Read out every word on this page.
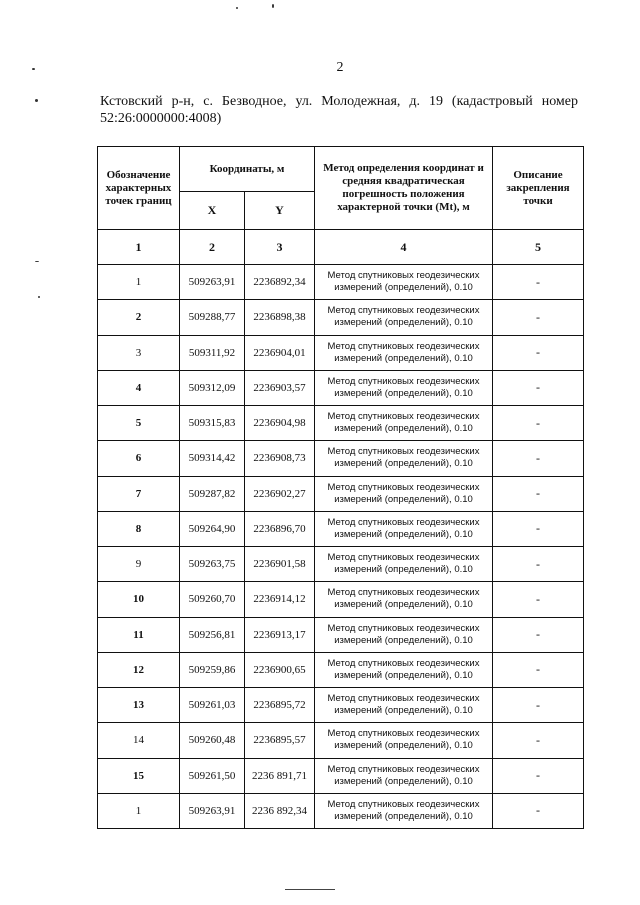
2
Кстовский р-н, с. Безводное, ул. Молодежная, д. 19 (кадастровый номер 52:26:0000000:4008)
Обозначение характерных точек границ	Координаты, м		Метод определения координат и средняя квадратическая погрешность положения характерной точки (Mt), м	Описание закрепления точки
	X	Y		
1	2	3	4	5
1	509263,91	2236892,34	Метод спутниковых геодезических измерений (определений), 0.10	-
2	509288,77	2236898,38	Метод спутниковых геодезических измерений (определений), 0.10	-
3	509311,92	2236904,01	Метод спутниковых геодезических измерений (определений), 0.10	-
4	509312,09	2236903,57	Метод спутниковых геодезических измерений (определений), 0.10	-
5	509315,83	2236904,98	Метод спутниковых геодезических измерений (определений), 0.10	-
6	509314,42	2236908,73	Метод спутниковых геодезических измерений (определений), 0.10	-
7	509287,82	2236902,27	Метод спутниковых геодезических измерений (определений), 0.10	-
8	509264,90	2236896,70	Метод спутниковых геодезических измерений (определений), 0.10	-
9	509263,75	2236901,58	Метод спутниковых геодезических измерений (определений), 0.10	-
10	509260,70	2236914,12	Метод спутниковых геодезических измерений (определений), 0.10	-
11	509256,81	2236913,17	Метод спутниковых геодезических измерений (определений), 0.10	-
12	509259,86	2236900,65	Метод спутниковых геодезических измерений (определений), 0.10	-
13	509261,03	2236895,72	Метод спутниковых геодезических измерений (определений), 0.10	-
14	509260,48	2236895,57	Метод спутниковых геодезических измерений (определений), 0.10	-
15	509261,50	2236 891,71	Метод спутниковых геодезических измерений (определений), 0.10	-
1	509263,91	2236 892,34	Метод спутниковых геодезических измерений (определений), 0.10	-
